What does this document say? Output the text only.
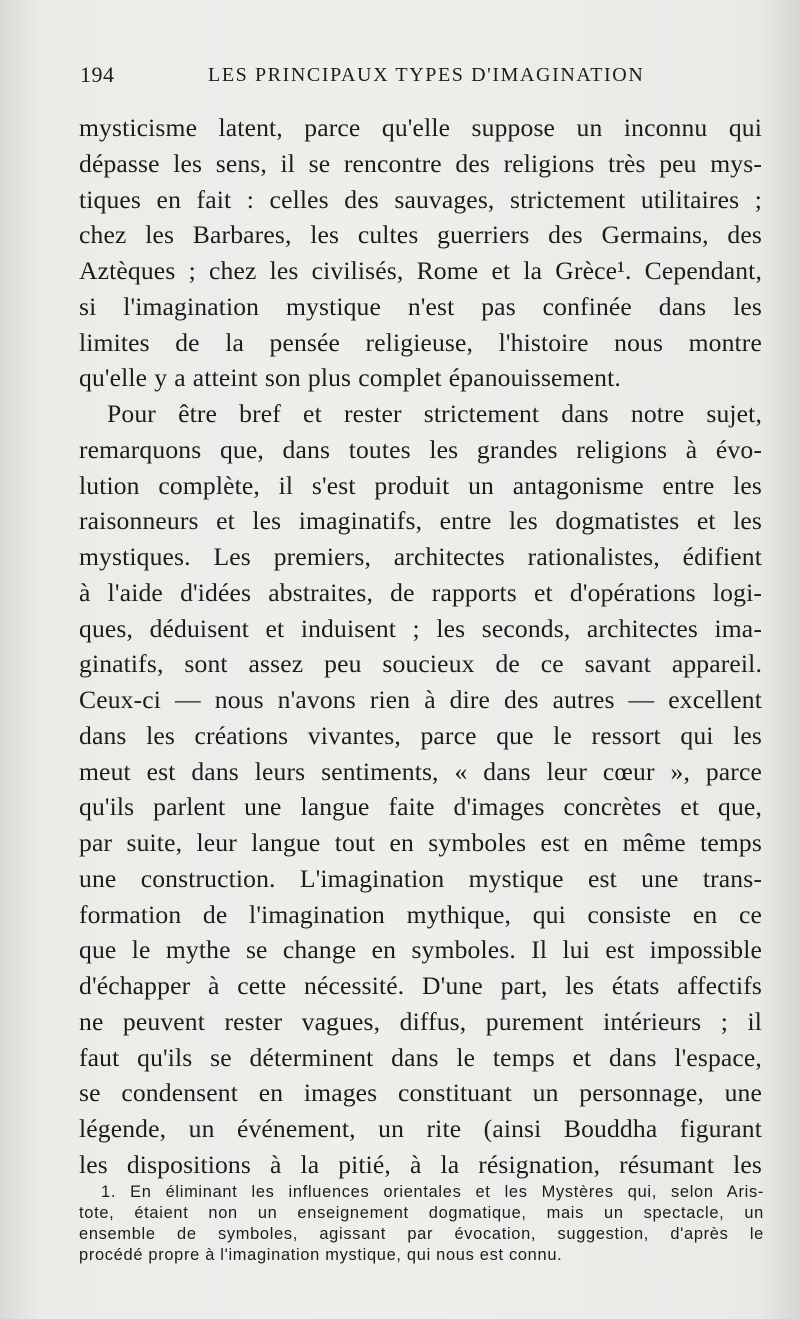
194	LES PRINCIPAUX TYPES D'IMAGINATION
mysticisme latent, parce qu'elle suppose un inconnu qui
dépasse les sens, il se rencontre des religions très peu mys-
tiques en fait : celles des sauvages, strictement utilitaires ;
chez les Barbares, les cultes guerriers des Germains, des
Aztèques ; chez les civilisés, Rome et la Grèce¹. Cependant,
si l'imagination mystique n'est pas confinée dans les
limites de la pensée religieuse, l'histoire nous montre
qu'elle y a atteint son plus complet épanouissement.
Pour être bref et rester strictement dans notre sujet,
remarquons que, dans toutes les grandes religions à évo-
lution complète, il s'est produit un antagonisme entre les
raisonneurs et les imaginatifs, entre les dogmatistes et les
mystiques. Les premiers, architectes rationalistes, édifient
à l'aide d'idées abstraites, de rapports et d'opérations logi-
ques, déduisent et induisent ; les seconds, architectes ima-
ginatifs, sont assez peu soucieux de ce savant appareil.
Ceux-ci — nous n'avons rien à dire des autres — excellent
dans les créations vivantes, parce que le ressort qui les
meut est dans leurs sentiments, « dans leur cœur », parce
qu'ils parlent une langue faite d'images concrètes et que,
par suite, leur langue tout en symboles est en même temps
une construction. L'imagination mystique est une trans-
formation de l'imagination mythique, qui consiste en ce
que le mythe se change en symboles. Il lui est impossible
d'échapper à cette nécessité. D'une part, les états affectifs
ne peuvent rester vagues, diffus, purement intérieurs ; il
faut qu'ils se déterminent dans le temps et dans l'espace,
se condensent en images constituant un personnage, une
légende, un événement, un rite (ainsi Bouddha figurant
les dispositions à la pitié, à la résignation, résumant les
1. En éliminant les influences orientales et les Mystères qui, selon Aris-
tote, étaient non un enseignement dogmatique, mais un spectacle, un
ensemble de symboles, agissant par évocation, suggestion, d'après le
procédé propre à l'imagination mystique, qui nous est connu.
